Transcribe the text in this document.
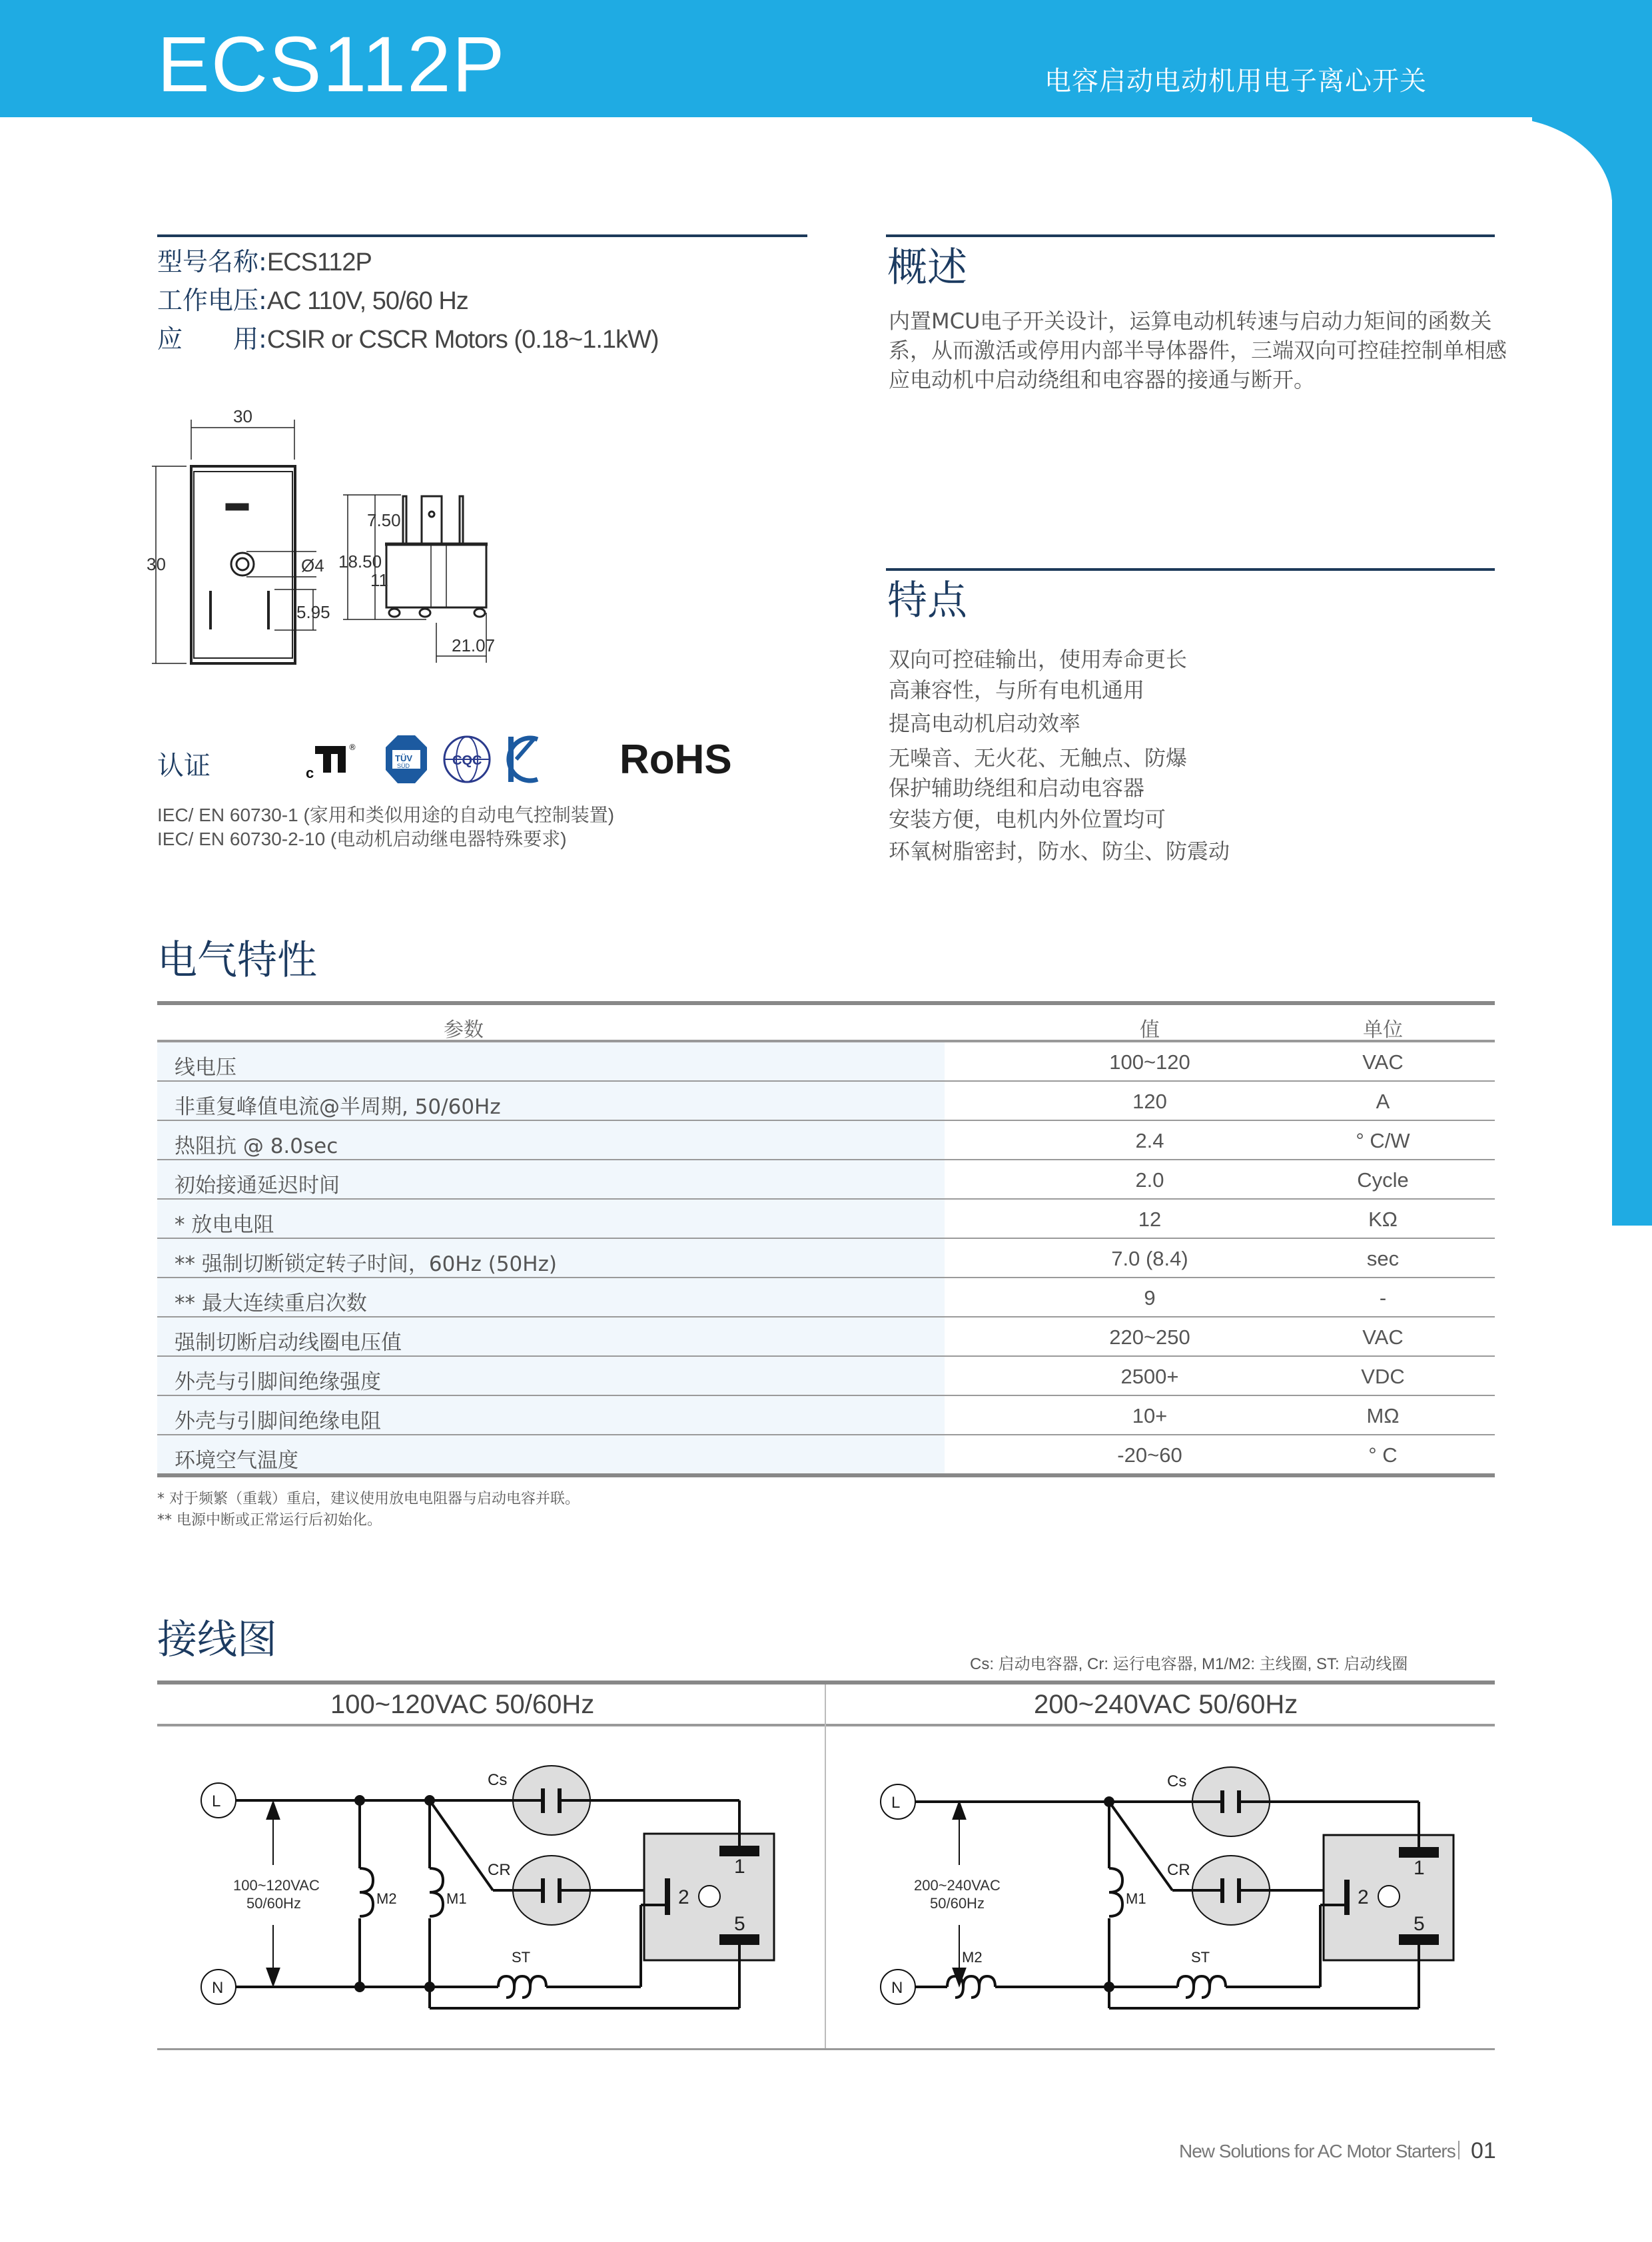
ECS112P	电容启动电动机用电子离心开关
型号名称:ECS112P
工作电压:AC 110V, 50/60 Hz
应　　用:CSIR or CSCR Motors (0.18~1.1kW)
30
30	Ø4
5.95
18.50
7.50
11
21.07
概述
内置MCU电子开关设计，运算电动机转速与启动力矩间的函数关系，从而激活或停用内部半导体器件，三端双向可控硅控制单相感应电动机中启动绕组和电容器的接通与断开。
特点
双向可控硅输出，使用寿命更长
高兼容性，与所有电机通用
提高电动机启动效率
无噪音、无火花、无触点、防爆
保护辅助绕组和启动电容器
安装方便，电机内外位置均可
环氧树脂密封，防水、防尘、防震动
认证	c
®
TÜV
SÜD	CQC	RoHS
IEC/ EN 60730-1 (家用和类似用途的自动电气控制装置)
IEC/ EN 60730-2-10 (电动机启动继电器特殊要求)
电气特性
参数	值	单位
线电压	100~120	VAC
非重复峰值电流@半周期, 50/60Hz	120	A
热阻抗 @ 8.0sec	2.4	° C/W
初始接通延迟时间	2.0	Cycle
* 放电电阻	12	KΩ
** 强制切断锁定转子时间，60Hz (50Hz)	7.0 (8.4)	sec
** 最大连续重启次数	9	-
强制切断启动线圈电压值	220~250	VAC
外壳与引脚间绝缘强度	2500+	VDC
外壳与引脚间绝缘电阻	10+	MΩ
环境空气温度	-20~60	° C
* 对于频繁（重载）重启，建议使用放电电阻器与启动电容并联。
** 电源中断或正常运行后初始化。
接线图
Cs: 启动电容器, Cr: 运行电容器, M1/M2: 主线圈, ST: 启动线圈
100~120VAC 50/60Hz	200~240VAC 50/60Hz
L
N
100~120VAC
50/60Hz	M2	M1
Cs
CR
ST
1
2
5
L
N
200~240VAC
50/60Hz
M2
M1
Cs
CR
ST
1
2
5
New Solutions for AC Motor Starters 01
